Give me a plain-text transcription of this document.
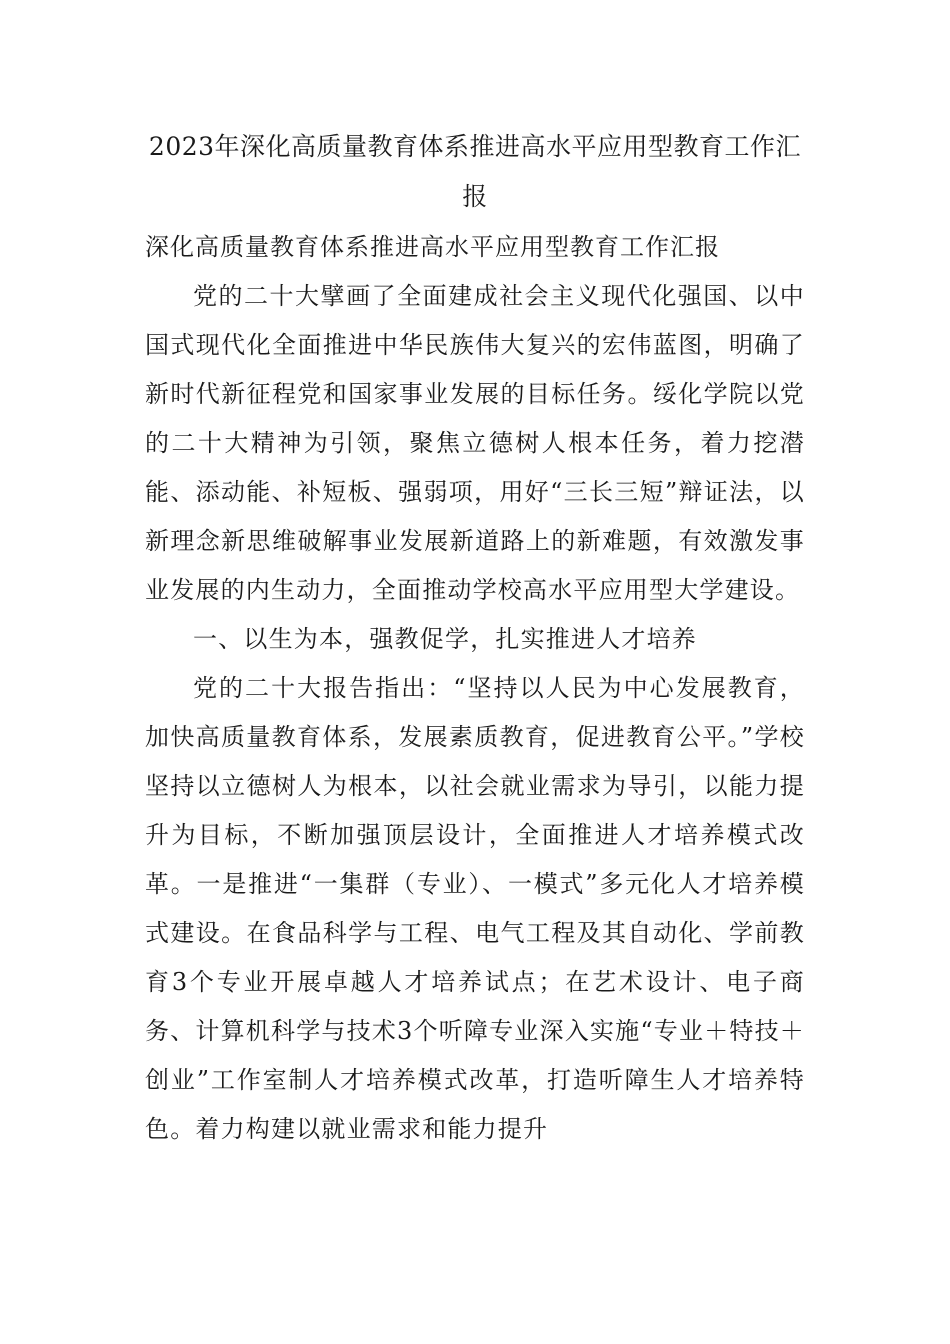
2023年深化高质量教育体系推进高水平应用型教育工作汇报

深化高质量教育体系推进高水平应用型教育工作汇报

党的二十大擘画了全面建成社会主义现代化强国、以中国式现代化全面推进中华民族伟大复兴的宏伟蓝图，明确了新时代新征程党和国家事业发展的目标任务。绥化学院以党的二十大精神为引领，聚焦立德树人根本任务，着力挖潜能、添动能、补短板、强弱项，用好“三长三短”辩证法，以新理念新思维破解事业发展新道路上的新难题，有效激发事业发展的内生动力，全面推动学校高水平应用型大学建设。

一、以生为本，强教促学，扎实推进人才培养

党的二十大报告指出：“坚持以人民为中心发展教育，加快高质量教育体系，发展素质教育，促进教育公平。”学校坚持以立德树人为根本，以社会就业需求为导引，以能力提升为目标，不断加强顶层设计，全面推进人才培养模式改革。一是推进“一集群（专业）、一模式”多元化人才培养模式建设。在食品科学与工程、电气工程及其自动化、学前教育3个专业开展卓越人才培养试点；在艺术设计、电子商务、计算机科学与技术3个听障专业深入实施“专业＋特技＋创业”工作室制人才培养模式改革，打造听障生人才培养特色。着力构建以就业需求和能力提升
